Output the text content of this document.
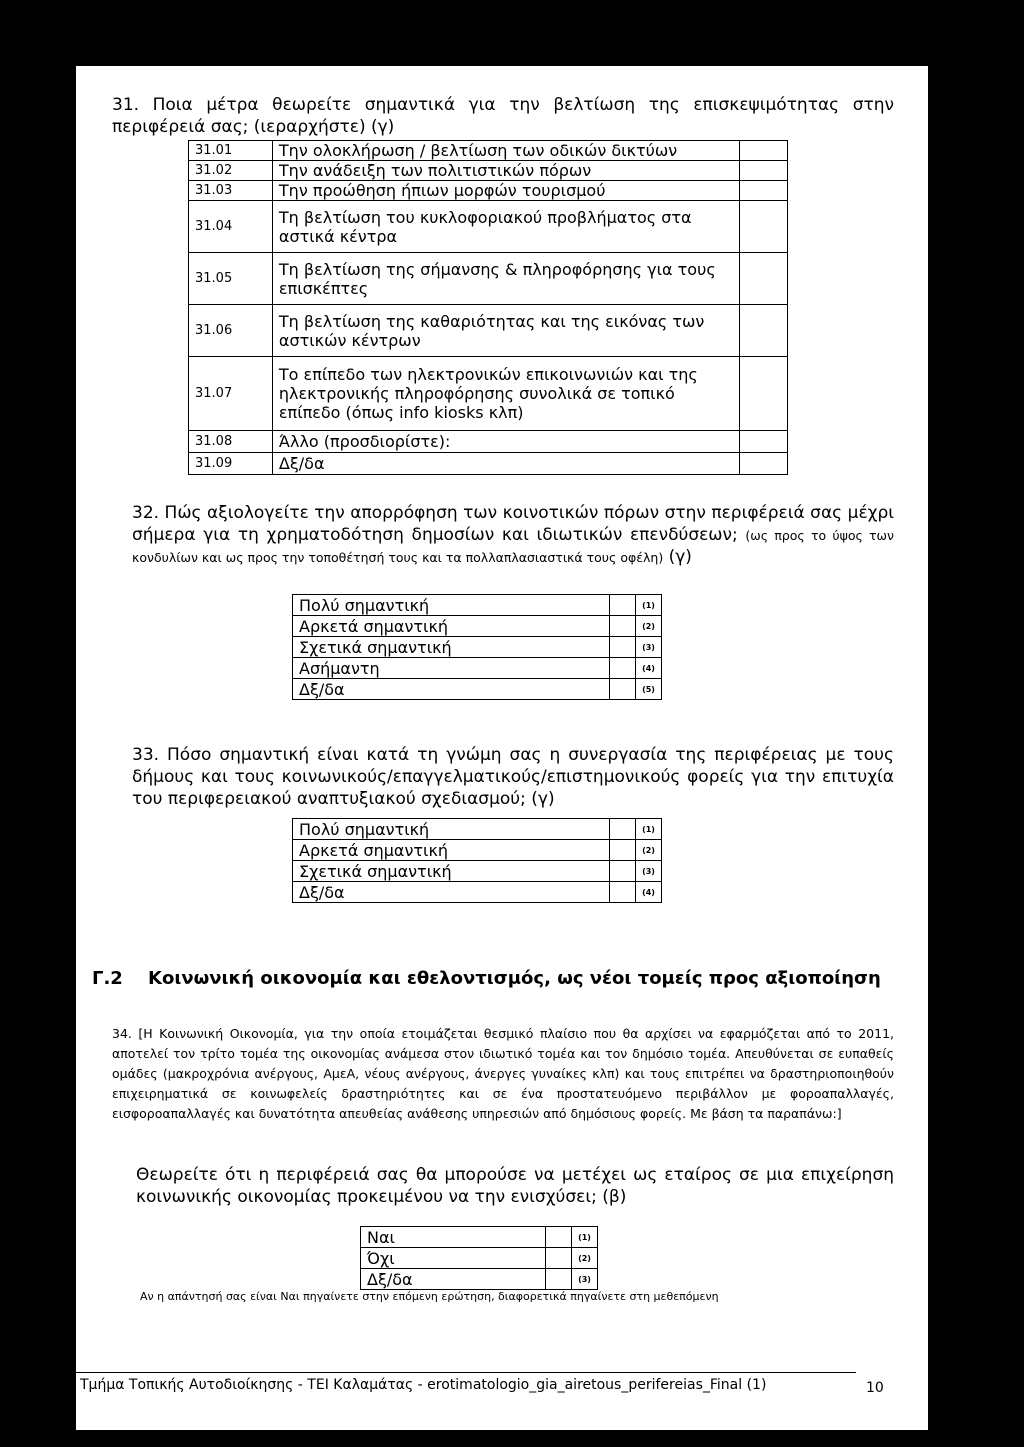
31. Ποια μέτρα θεωρείτε σημαντικά για την βελτίωση της επισκεψιμότητας στην περιφέρειά σας; (ιεραρχήστε) (γ)
31.01	Την ολοκλήρωση / βελτίωση των οδικών δικτύων	
31.02	Την ανάδειξη των πολιτιστικών πόρων	
31.03	Την προώθηση ήπιων μορφών τουρισμού	
31.04	Τη βελτίωση του κυκλοφοριακού προβλήματος στα αστικά κέντρα	
31.05	Τη βελτίωση της σήμανσης & πληροφόρησης για τους επισκέπτες	
31.06	Τη βελτίωση της καθαριότητας και της εικόνας των αστικών κέντρων	
31.07	Το επίπεδο των ηλεκτρονικών επικοινωνιών και της ηλεκτρονικής πληροφόρησης συνολικά σε τοπικό επίπεδο (όπως info kiosks κλπ)	
31.08	Άλλο (προσδιορίστε):	
31.09	Δξ/δα	
32. Πώς αξιολογείτε την απορρόφηση των κοινοτικών πόρων στην περιφέρειά σας μέχρι σήμερα για τη χρηματοδότηση δημοσίων και ιδιωτικών επενδύσεων; (ως προς το ύψος των κονδυλίων και ως προς την τοποθέτησή τους και τα πολλαπλασιαστικά τους οφέλη) (γ)
Πολύ σημαντική		(1)
Αρκετά σημαντική		(2)
Σχετικά σημαντική		(3)
Ασήμαντη		(4)
Δξ/δα		(5)
33. Πόσο σημαντική είναι κατά τη γνώμη σας η συνεργασία της περιφέρειας με τους δήμους και τους κοινωνικούς/επαγγελματικούς/επιστημονικούς φορείς για την επιτυχία του περιφερειακού αναπτυξιακού σχεδιασμού; (γ)
Πολύ σημαντική		(1)
Αρκετά σημαντική		(2)
Σχετικά σημαντική		(3)
Δξ/δα		(4)
Γ.2 Κοινωνική οικονομία και εθελοντισμός, ως νέοι τομείς προς αξιοποίηση
34. [Η Κοινωνική Οικονομία, για την οποία ετοιμάζεται θεσμικό πλαίσιο που θα αρχίσει να εφαρμόζεται από το 2011, αποτελεί τον τρίτο τομέα της οικονομίας ανάμεσα στον ιδιωτικό τομέα και τον δημόσιο τομέα. Απευθύνεται σε ευπαθείς ομάδες (μακροχρόνια ανέργους, ΑμεΑ, νέους ανέργους, άνεργες γυναίκες κλπ) και τους επιτρέπει να δραστηριοποιηθούν επιχειρηματικά σε κοινωφελείς δραστηριότητες και σε ένα προστατευόμενο περιβάλλον με φοροαπαλλαγές, εισφοροαπαλλαγές και δυνατότητα απευθείας ανάθεσης υπηρεσιών από δημόσιους φορείς. Με βάση τα παραπάνω:]
Θεωρείτε ότι η περιφέρειά σας θα μπορούσε να μετέχει ως εταίρος σε μια επιχείρηση κοινωνικής οικονομίας προκειμένου να την ενισχύσει; (β)
Ναι		(1)
Όχι		(2)
Δξ/δα		(3)
Αν η απάντησή σας είναι Ναι πηγαίνετε στην επόμενη ερώτηση, διαφορετικά πηγαίνετε στη μεθεπόμενη
Τμήμα Τοπικής Αυτοδιοίκησης - ΤΕΙ Καλαμάτας - erotimatologio_gia_airetous_perifereias_Final (1)	10
